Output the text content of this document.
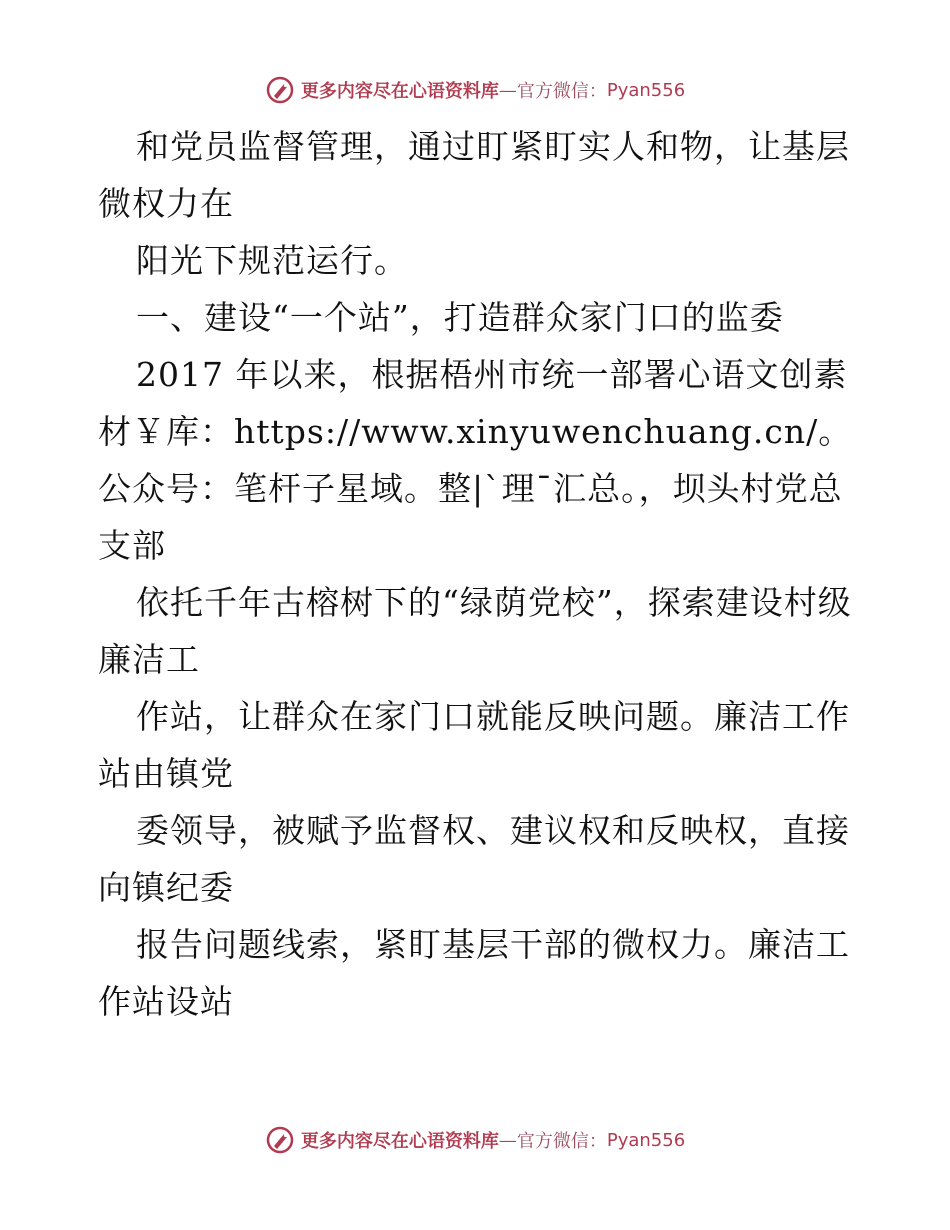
更多内容尽在心语资料库 — 官方微信： Pyan556

和党员监督管理，通过盯紧盯实人和物，让基层微权力在

阳光下规范运行。

一、建设“一个站”，打造群众家门口的监委

2017 年以来，根据梧州市统一部署心语文创素材￥库：https://www.xinyuwenchuang.cn/。公众号：笔杆子星域。整|`理¯汇总。，坝头村党总支部

依托千年古榕树下的“绿荫党校”，探索建设村级廉洁工

作站，让群众在家门口就能反映问题。廉洁工作站由镇党

委领导，被赋予监督权、建议权和反映权，直接向镇纪委

报告问题线索，紧盯基层干部的微权力。廉洁工作站设站

更多内容尽在心语资料库 — 官方微信： Pyan556
